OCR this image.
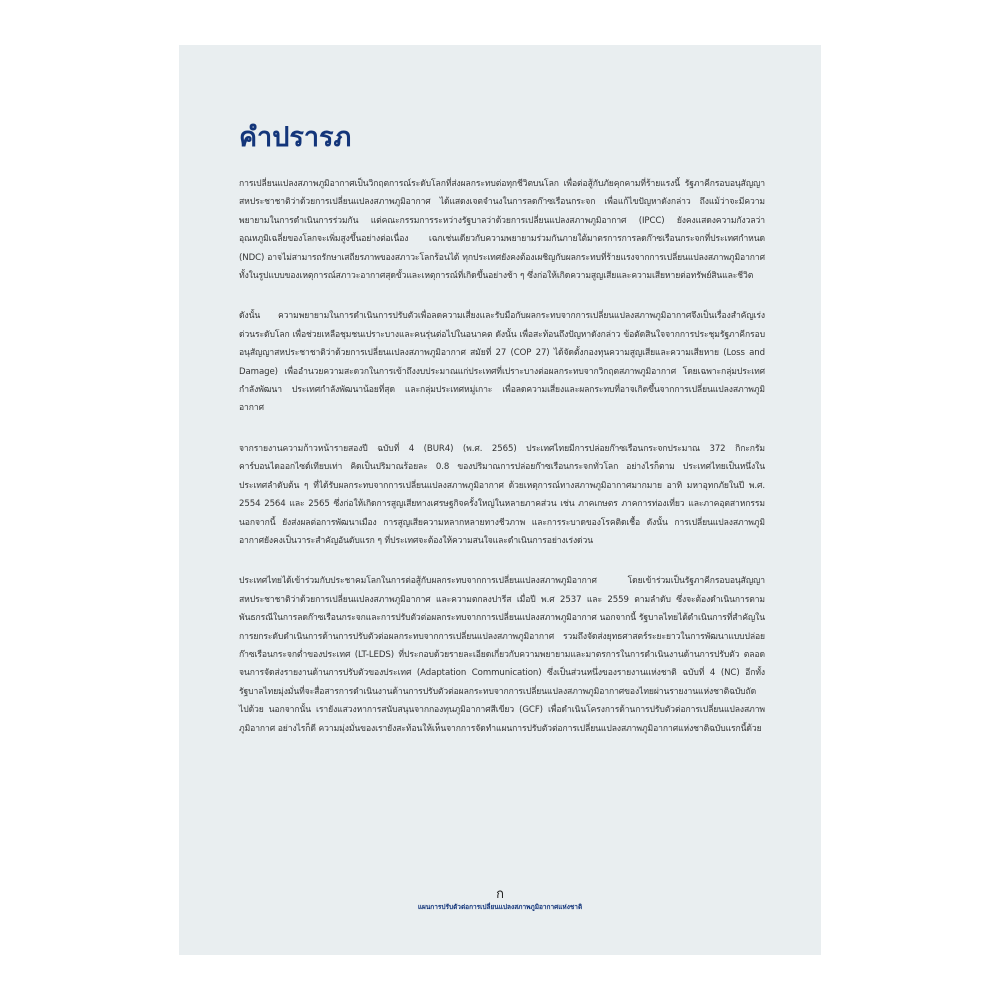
คำปรารภ

การเปลี่ยนแปลงสภาพภูมิอากาศเป็นวิกฤตการณ์ระดับโลกที่ส่งผลกระทบต่อทุกชีวิตบนโลก เพื่อต่อสู้กับภัยคุกคามที่ร้ายแรงนี้ รัฐภาคีกรอบอนุสัญญาสหประชาชาติว่าด้วยการเปลี่ยนแปลงสภาพภูมิอากาศ ได้แสดงเจตจำนงในการลดก๊าซเรือนกระจก เพื่อแก้ไขปัญหาดังกล่าว ถึงแม้ว่าจะมีความพยายามในการดำเนินการร่วมกัน แต่คณะกรรมการระหว่างรัฐบาลว่าด้วยการเปลี่ยนแปลงสภาพภูมิอากาศ (IPCC) ยังคงแสดงความกังวลว่าอุณหภูมิเฉลี่ยของโลกจะเพิ่มสูงขึ้นอย่างต่อเนื่อง เฉกเช่นเดียวกับความพยายามร่วมกันภายใต้มาตรการการลดก๊าซเรือนกระจกที่ประเทศกำหนด (NDC) อาจไม่สามารถรักษาเสถียรภาพของสภาวะโลกร้อนได้ ทุกประเทศยังคงต้องเผชิญกับผลกระทบที่ร้ายแรงจากการเปลี่ยนแปลงสภาพภูมิอากาศทั้งในรูปแบบของเหตุการณ์สภาวะอากาศสุดขั้วและเหตุการณ์ที่เกิดขึ้นอย่างช้า ๆ ซึ่งก่อให้เกิดความสูญเสียและความเสียหายต่อทรัพย์สินและชีวิต

ดังนั้น ความพยายามในการดำเนินการปรับตัวเพื่อลดความเสี่ยงและรับมือกับผลกระทบจากการเปลี่ยนแปลงสภาพภูมิอากาศจึงเป็นเรื่องสำคัญเร่งด่วนระดับโลก เพื่อช่วยเหลือชุมชนเปราะบางและคนรุ่นต่อไปในอนาคต ดังนั้น เพื่อสะท้อนถึงปัญหาดังกล่าว ข้อตัดสินใจจากการประชุมรัฐภาคีกรอบอนุสัญญาสหประชาชาติว่าด้วยการเปลี่ยนแปลงสภาพภูมิอากาศ สมัยที่ 27 (COP 27) ได้จัดตั้งกองทุนความสูญเสียและความเสียหาย (Loss and Damage) เพื่ออำนวยความสะดวกในการเข้าถึงงบประมาณแก่ประเทศที่เปราะบางต่อผลกระทบจากวิกฤตสภาพภูมิอากาศ โดยเฉพาะกลุ่มประเทศกำลังพัฒนา ประเทศกำลังพัฒนาน้อยที่สุด และกลุ่มประเทศหมู่เกาะ เพื่อลดความเสี่ยงและผลกระทบที่อาจเกิดขึ้นจากการเปลี่ยนแปลงสภาพภูมิอากาศ

จากรายงานความก้าวหน้ารายสองปี ฉบับที่ 4 (BUR4) (พ.ศ. 2565) ประเทศไทยมีการปล่อยก๊าซเรือนกระจกประมาณ 372 กิกะกรัมคาร์บอนไดออกไซด์เทียบเท่า คิดเป็นปริมาณร้อยละ 0.8 ของปริมาณการปล่อยก๊าซเรือนกระจกทั่วโลก อย่างไรก็ตาม ประเทศไทยเป็นหนึ่งในประเทศลำดับต้น ๆ ที่ได้รับผลกระทบจากการเปลี่ยนแปลงสภาพภูมิอากาศ ด้วยเหตุการณ์ทางสภาพภูมิอากาศมากมาย อาทิ มหาอุทกภัยในปี พ.ศ. 2554 2564 และ 2565 ซึ่งก่อให้เกิดการสูญเสียทางเศรษฐกิจครั้งใหญ่ในหลายภาคส่วน เช่น ภาคเกษตร ภาคการท่องเที่ยว และภาคอุตสาหกรรม นอกจากนี้ ยังส่งผลต่อการพัฒนาเมือง การสูญเสียความหลากหลายทางชีวภาพ และการระบาดของโรคติดเชื้อ ดังนั้น การเปลี่ยนแปลงสภาพภูมิอากาศยังคงเป็นวาระสำคัญอันดับแรก ๆ ที่ประเทศจะต้องให้ความสนใจและดำเนินการอย่างเร่งด่วน

ประเทศไทยได้เข้าร่วมกับประชาคมโลกในการต่อสู้กับผลกระทบจากการเปลี่ยนแปลงสภาพภูมิอากาศ โดยเข้าร่วมเป็นรัฐภาคีกรอบอนุสัญญาสหประชาชาติว่าด้วยการเปลี่ยนแปลงสภาพภูมิอากาศ และความตกลงปารีส เมื่อปี พ.ศ 2537 และ 2559 ตามลำดับ ซึ่งจะต้องดำเนินการตามพันธกรณีในการลดก๊าซเรือนกระจกและการปรับตัวต่อผลกระทบจากการเปลี่ยนแปลงสภาพภูมิอากาศ นอกจากนี้ รัฐบาลไทยได้ดำเนินการที่สำคัญในการยกระดับดำเนินการด้านการปรับตัวต่อผลกระทบจากการเปลี่ยนแปลงสภาพภูมิอากาศ รวมถึงจัดส่งยุทธศาสตร์ระยะยาวในการพัฒนาแบบปล่อยก๊าซเรือนกระจกต่ำของประเทศ (LT-LEDS) ที่ประกอบด้วยรายละเอียดเกี่ยวกับความพยายามและมาตรการในการดำเนินงานด้านการปรับตัว ตลอดจนการจัดส่งรายงานด้านการปรับตัวของประเทศ (Adaptation Communication) ซึ่งเป็นส่วนหนึ่งของรายงานแห่งชาติ ฉบับที่ 4 (NC) อีกทั้ง รัฐบาลไทยมุ่งมั่นที่จะสื่อสารการดำเนินงานด้านการปรับตัวต่อผลกระทบจากการเปลี่ยนแปลงสภาพภูมิอากาศของไทยผ่านรายงานแห่งชาติฉบับถัดไปด้วย นอกจากนั้น เรายังแสวงหาการสนับสนุนจากกองทุนภูมิอากาศสีเขียว (GCF) เพื่อดำเนินโครงการด้านการปรับตัวต่อการเปลี่ยนแปลงสภาพภูมิอากาศ อย่างไรก็ดี ความมุ่งมั่นของเรายังสะท้อนให้เห็นจากการจัดทำแผนการปรับตัวต่อการเปลี่ยนแปลงสภาพภูมิอากาศแห่งชาติฉบับแรกนี้ด้วย

ก
แผนการปรับตัวต่อการเปลี่ยนแปลงสภาพภูมิอากาศแห่งชาติ
